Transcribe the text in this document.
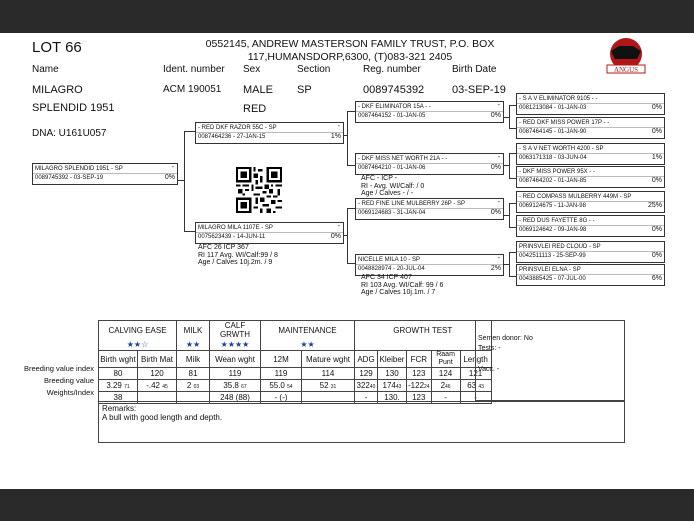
LOT 66	0552145, ANDREW MASTERSON FAMILY TRUST, P.O. BOX 117,HUMANSDORP,6300, (T)083-321 2405
ANGUS
Name	Ident. number Sex	Section	Reg. number	Birth Date
MILAGRO	ACM 190051 MALE SP	0089745392	03-SEP-19
SPLENDID 1951	RED
DNA: U161U057
MILAGRO SPLENDID 1951 - SP	-
0089745392 - 03-SEP-19	0%
- RED DKF RAZOR 55C - SP	-
0087464236 - 27-JAN-15	1%
MILAGRO MILA 1107E - SP	-
0075623439 - 14-JUN-11	0%
- DKF ELIMINATOR 15A - -	-
0087464152 - 01-JAN-05	0%
- DKF MISS NET WORTH 21A - -	-
0087464210 - 01-JAN-06	0%
- RED FINE LINE MULBERRY 26P - SP	-
0069124683 - 31-JAN-04	0%
NICELLE MILA 10 - SP	-
0048828974 - 20-JUL-04	2%
- S A V ELIMINATOR 9105 - -
0081213084 - 01-JAN-03	0%
- RED DKF MISS POWER 17P - -
0087464145 - 01-JAN-90	0%
- S A V NET WORTH 4200 - SP
0063171318 - 03-JUN-04	1%
- DKF MISS POWER 95X - -
0087464202 - 01-JAN-85	0%
- RED COMPASS MULBERRY 449M - SP
0069124675 - 11-JAN-98	25%
- RED DUS FAYETTE 8G - -
0069124642 - 09-JAN-98	0%
PRINSVLEI RED CLOUD - SP
0042511113 - 25-SEP-99	0%
PRINSVLEI ELNA - SP
0043885425 - 07-JUL-00	6%
AFC 26 ICP 367
RI 117 Avg. WI/Calf:99 / 8
Age / Calves 10j.2m. / 9
AFC - ICP -
RI - Avg. WI/Calf: / 0
Age / Calves - / -
AFC 34 ICP 407
RI 103 Avg. WI/Calf: 99 / 6
Age / Calves 10j.1m. / 7
Breeding value index
Breeding value
Weights/Index
CALVING EASE		MILK	CALF GRWTH	MAINTENANCE		GROWTH TEST				
★★☆		★★	★★★★	★★						
Birth wght	Birth Mat	Milk	Wean wght	12M	Mature wght	ADG	Kleiber	FCR	Raam Punt	Length
80	120	81	119	119	114	129	130	123	124	121
3.29 71	-.42 45	2 03	35.8 67	55.0 54	52 31	32240	17443	-12224	246	63 43
38			248 (88)	- (-)		-	130.	123	-	-
Semen donor: No
Tests: -
Vacc. -
Remarks:
A bull with good length and depth.
